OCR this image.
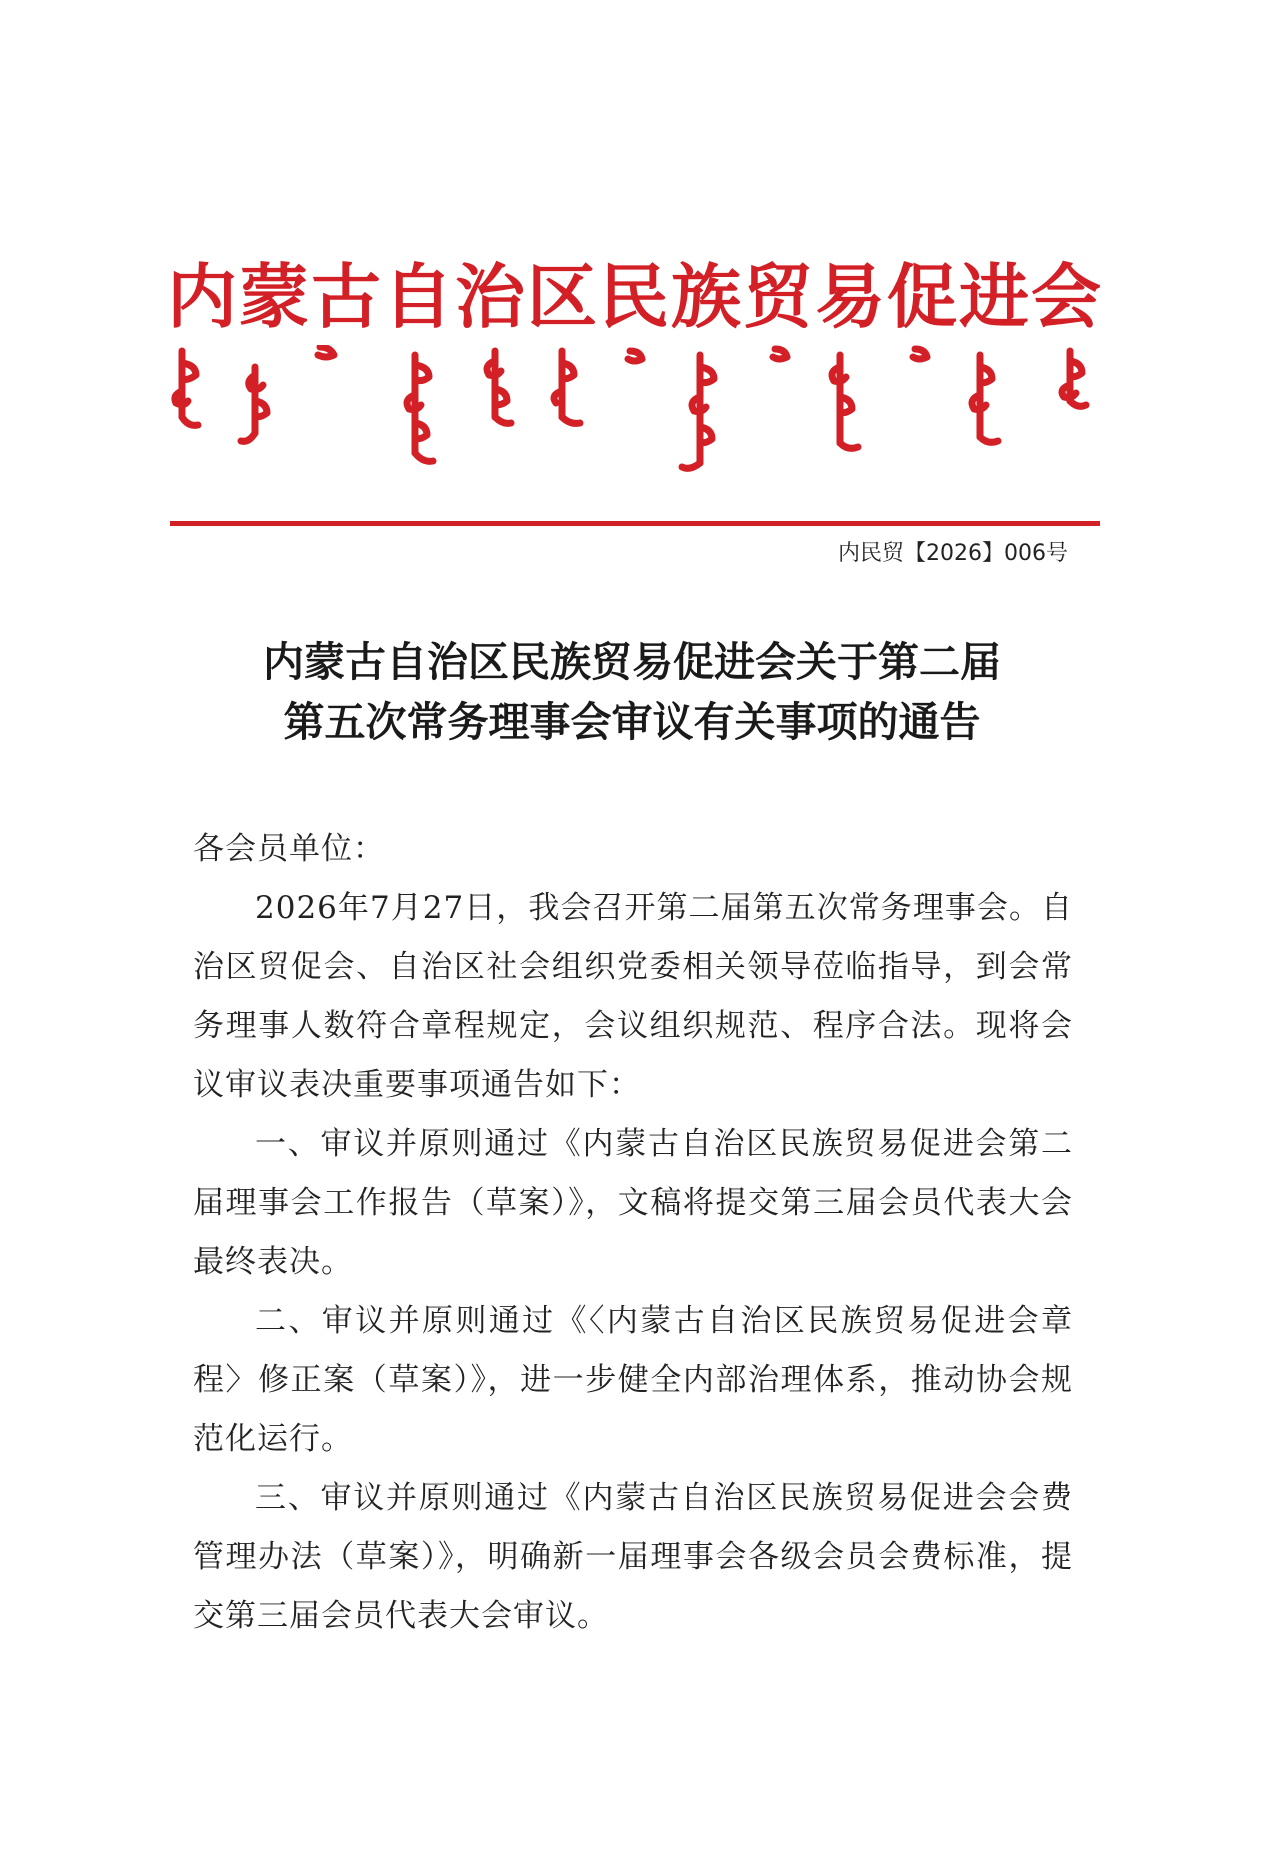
内蒙古自治区民族贸易促进会
内民贸【2026】006号
内蒙古自治区民族贸易促进会关于第二届
第五次常务理事会审议有关事项的通告

各会员单位：

2026年7月27日，我会召开第二届第五次常务理事会。自治区贸促会、自治区社会组织党委相关领导莅临指导，到会常务理事人数符合章程规定，会议组织规范、程序合法。现将会议审议表决重要事项通告如下：

一、审议并原则通过《内蒙古自治区民族贸易促进会第二届理事会工作报告（草案）》，文稿将提交第三届会员代表大会最终表决。

二、审议并原则通过《〈内蒙古自治区民族贸易促进会章程〉修正案（草案）》，进一步健全内部治理体系，推动协会规范化运行。

三、审议并原则通过《内蒙古自治区民族贸易促进会会费管理办法（草案）》，明确新一届理事会各级会员会费标准，提交第三届会员代表大会审议。
